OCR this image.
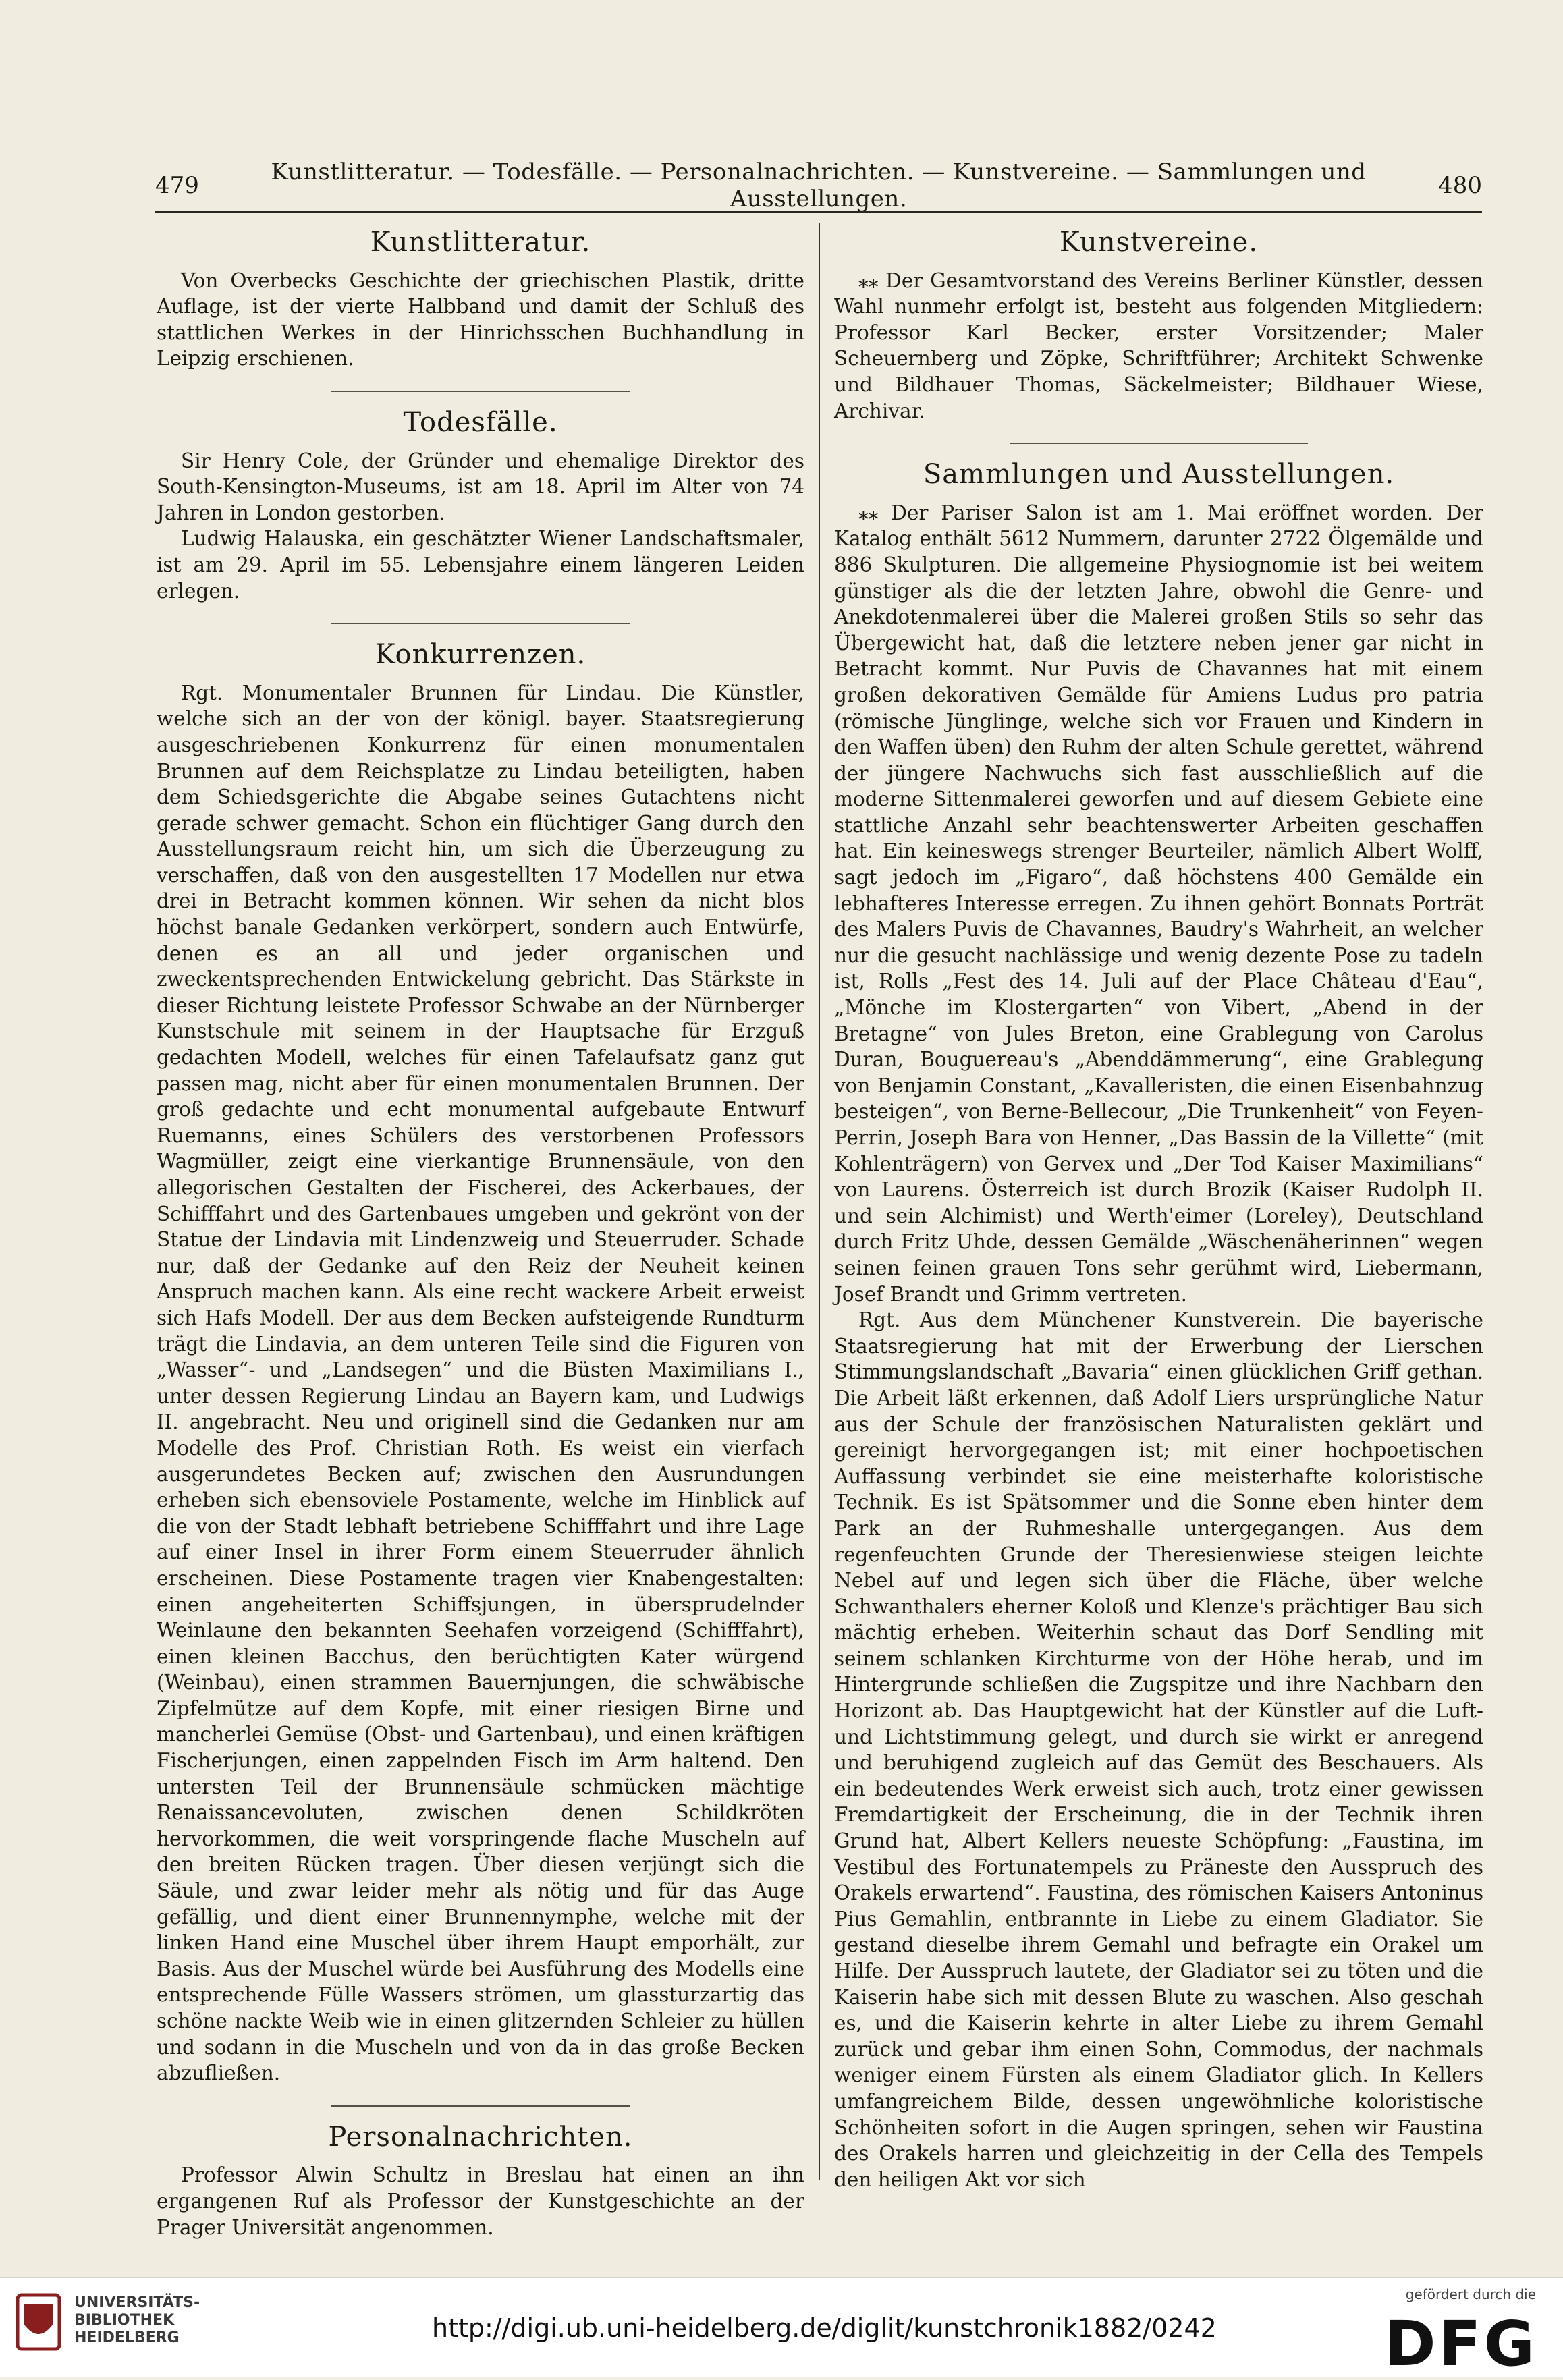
479	Kunstlitteratur. — Todesfälle. — Personalnachrichten. — Kunstvereine. — Sammlungen und Ausstellungen.	480
Kunstlitteratur.

Von Overbecks Geschichte der griechischen Plastik, dritte Auflage, ist der vierte Halbband und damit der Schluß des stattlichen Werkes in der Hinrichsschen Buchhandlung in Leipzig erschienen.

Todesfälle.

Sir Henry Cole, der Gründer und ehemalige Direktor des South-Kensington-Museums, ist am 18. April im Alter von 74 Jahren in London gestorben.

Ludwig Halauska, ein geschätzter Wiener Landschaftsmaler, ist am 29. April im 55. Lebensjahre einem längeren Leiden erlegen.

Konkurrenzen.

Rgt. Monumentaler Brunnen für Lindau. Die Künstler, welche sich an der von der königl. bayer. Staatsregierung ausgeschriebenen Konkurrenz für einen monumentalen Brunnen auf dem Reichsplatze zu Lindau beteiligten, haben dem Schiedsgerichte die Abgabe seines Gutachtens nicht gerade schwer gemacht. Schon ein flüchtiger Gang durch den Ausstellungsraum reicht hin, um sich die Überzeugung zu verschaffen, daß von den ausgestellten 17 Modellen nur etwa drei in Betracht kommen können. Wir sehen da nicht blos höchst banale Gedanken verkörpert, sondern auch Entwürfe, denen es an all und jeder organischen und zweckentsprechenden Entwickelung gebricht. Das Stärkste in dieser Richtung leistete Professor Schwabe an der Nürnberger Kunstschule mit seinem in der Hauptsache für Erzguß gedachten Modell, welches für einen Tafelaufsatz ganz gut passen mag, nicht aber für einen monumentalen Brunnen. Der groß gedachte und echt monumental aufgebaute Entwurf Ruemanns, eines Schülers des verstorbenen Professors Wagmüller, zeigt eine vierkantige Brunnensäule, von den allegorischen Gestalten der Fischerei, des Ackerbaues, der Schifffahrt und des Gartenbaues umgeben und gekrönt von der Statue der Lindavia mit Lindenzweig und Steuerruder. Schade nur, daß der Gedanke auf den Reiz der Neuheit keinen Anspruch machen kann. Als eine recht wackere Arbeit erweist sich Hafs Modell. Der aus dem Becken aufsteigende Rundturm trägt die Lindavia, an dem unteren Teile sind die Figuren von „Wasser“- und „Landsegen“ und die Büsten Maximilians I., unter dessen Regierung Lindau an Bayern kam, und Ludwigs II. angebracht. Neu und originell sind die Gedanken nur am Modelle des Prof. Christian Roth. Es weist ein vierfach ausgerundetes Becken auf; zwischen den Ausrundungen erheben sich ebensoviele Postamente, welche im Hinblick auf die von der Stadt lebhaft betriebene Schifffahrt und ihre Lage auf einer Insel in ihrer Form einem Steuerruder ähnlich erscheinen. Diese Postamente tragen vier Knabengestalten: einen angeheiterten Schiffsjungen, in übersprudelnder Weinlaune den bekannten Seehafen vorzeigend (Schifffahrt), einen kleinen Bacchus, den berüchtigten Kater würgend (Weinbau), einen strammen Bauernjungen, die schwäbische Zipfelmütze auf dem Kopfe, mit einer riesigen Birne und mancherlei Gemüse (Obst- und Gartenbau), und einen kräftigen Fischerjungen, einen zappelnden Fisch im Arm haltend. Den untersten Teil der Brunnensäule schmücken mächtige Renaissancevoluten, zwischen denen Schildkröten hervorkommen, die weit vorspringende flache Muscheln auf den breiten Rücken tragen. Über diesen verjüngt sich die Säule, und zwar leider mehr als nötig und für das Auge gefällig, und dient einer Brunnennymphe, welche mit der linken Hand eine Muschel über ihrem Haupt emporhält, zur Basis. Aus der Muschel würde bei Ausführung des Modells eine entsprechende Fülle Wassers strömen, um glassturzartig das schöne nackte Weib wie in einen glitzernden Schleier zu hüllen und sodann in die Muscheln und von da in das große Becken abzufließen.

Personalnachrichten.

Professor Alwin Schultz in Breslau hat einen an ihn ergangenen Ruf als Professor der Kunstgeschichte an der Prager Universität angenommen.

Kunstvereine.

⁎⁎ Der Gesamtvorstand des Vereins Berliner Künstler, dessen Wahl nunmehr erfolgt ist, besteht aus folgenden Mitgliedern: Professor Karl Becker, erster Vorsitzender; Maler Scheuernberg und Zöpke, Schriftführer; Architekt Schwenke und Bildhauer Thomas, Säckelmeister; Bildhauer Wiese, Archivar.

Sammlungen und Ausstellungen.

⁎⁎ Der Pariser Salon ist am 1. Mai eröffnet worden. Der Katalog enthält 5612 Nummern, darunter 2722 Ölgemälde und 886 Skulpturen. Die allgemeine Physiognomie ist bei weitem günstiger als die der letzten Jahre, obwohl die Genre- und Anekdotenmalerei über die Malerei großen Stils so sehr das Übergewicht hat, daß die letztere neben jener gar nicht in Betracht kommt. Nur Puvis de Chavannes hat mit einem großen dekorativen Gemälde für Amiens Ludus pro patria (römische Jünglinge, welche sich vor Frauen und Kindern in den Waffen üben) den Ruhm der alten Schule gerettet, während der jüngere Nachwuchs sich fast ausschließlich auf die moderne Sittenmalerei geworfen und auf diesem Gebiete eine stattliche Anzahl sehr beachtenswerter Arbeiten geschaffen hat. Ein keineswegs strenger Beurteiler, nämlich Albert Wolff, sagt jedoch im „Figaro“, daß höchstens 400 Gemälde ein lebhafteres Interesse erregen. Zu ihnen gehört Bonnats Porträt des Malers Puvis de Chavannes, Baudry's Wahrheit, an welcher nur die gesucht nachlässige und wenig dezente Pose zu tadeln ist, Rolls „Fest des 14. Juli auf der Place Château d'Eau“, „Mönche im Klostergarten“ von Vibert, „Abend in der Bretagne“ von Jules Breton, eine Grablegung von Carolus Duran, Bouguereau's „Abenddämmerung“, eine Grablegung von Benjamin Constant, „Kavalleristen, die einen Eisenbahnzug besteigen“, von Berne-Bellecour, „Die Trunkenheit“ von Feyen-Perrin, Joseph Bara von Henner, „Das Bassin de la Villette“ (mit Kohlenträgern) von Gervex und „Der Tod Kaiser Maximilians“ von Laurens. Österreich ist durch Brozik (Kaiser Rudolph II. und sein Alchimist) und Werth'eimer (Loreley), Deutschland durch Fritz Uhde, dessen Gemälde „Wäschenäherinnen“ wegen seinen feinen grauen Tons sehr gerühmt wird, Liebermann, Josef Brandt und Grimm vertreten.

Rgt. Aus dem Münchener Kunstverein. Die bayerische Staatsregierung hat mit der Erwerbung der Lierschen Stimmungslandschaft „Bavaria“ einen glücklichen Griff gethan. Die Arbeit läßt erkennen, daß Adolf Liers ursprüngliche Natur aus der Schule der französischen Naturalisten geklärt und gereinigt hervorgegangen ist; mit einer hochpoetischen Auffassung verbindet sie eine meisterhafte koloristische Technik. Es ist Spätsommer und die Sonne eben hinter dem Park an der Ruhmeshalle untergegangen. Aus dem regenfeuchten Grunde der Theresienwiese steigen leichte Nebel auf und legen sich über die Fläche, über welche Schwanthalers eherner Koloß und Klenze's prächtiger Bau sich mächtig erheben. Weiterhin schaut das Dorf Sendling mit seinem schlanken Kirchturme von der Höhe herab, und im Hintergrunde schließen die Zugspitze und ihre Nachbarn den Horizont ab. Das Hauptgewicht hat der Künstler auf die Luft- und Lichtstimmung gelegt, und durch sie wirkt er anregend und beruhigend zugleich auf das Gemüt des Beschauers. Als ein bedeutendes Werk erweist sich auch, trotz einer gewissen Fremdartigkeit der Erscheinung, die in der Technik ihren Grund hat, Albert Kellers neueste Schöpfung: „Faustina, im Vestibul des Fortunatempels zu Präneste den Ausspruch des Orakels erwartend“. Faustina, des römischen Kaisers Antoninus Pius Gemahlin, entbrannte in Liebe zu einem Gladiator. Sie gestand dieselbe ihrem Gemahl und befragte ein Orakel um Hilfe. Der Ausspruch lautete, der Gladiator sei zu töten und die Kaiserin habe sich mit dessen Blute zu waschen. Also geschah es, und die Kaiserin kehrte in alter Liebe zu ihrem Gemahl zurück und gebar ihm einen Sohn, Commodus, der nachmals weniger einem Fürsten als einem Gladiator glich. In Kellers umfangreichem Bilde, dessen ungewöhnliche koloristische Schönheiten sofort in die Augen springen, sehen wir Faustina des Orakels harren und gleichzeitig in der Cella des Tempels den heiligen Akt vor sich

UNIVERSITÄTS-
BIBLIOTHEK
HEIDELBERG	http://digi.ub.uni-heidelberg.de/diglit/kunstchronik1882/0242
gefördert durch die
DFG
